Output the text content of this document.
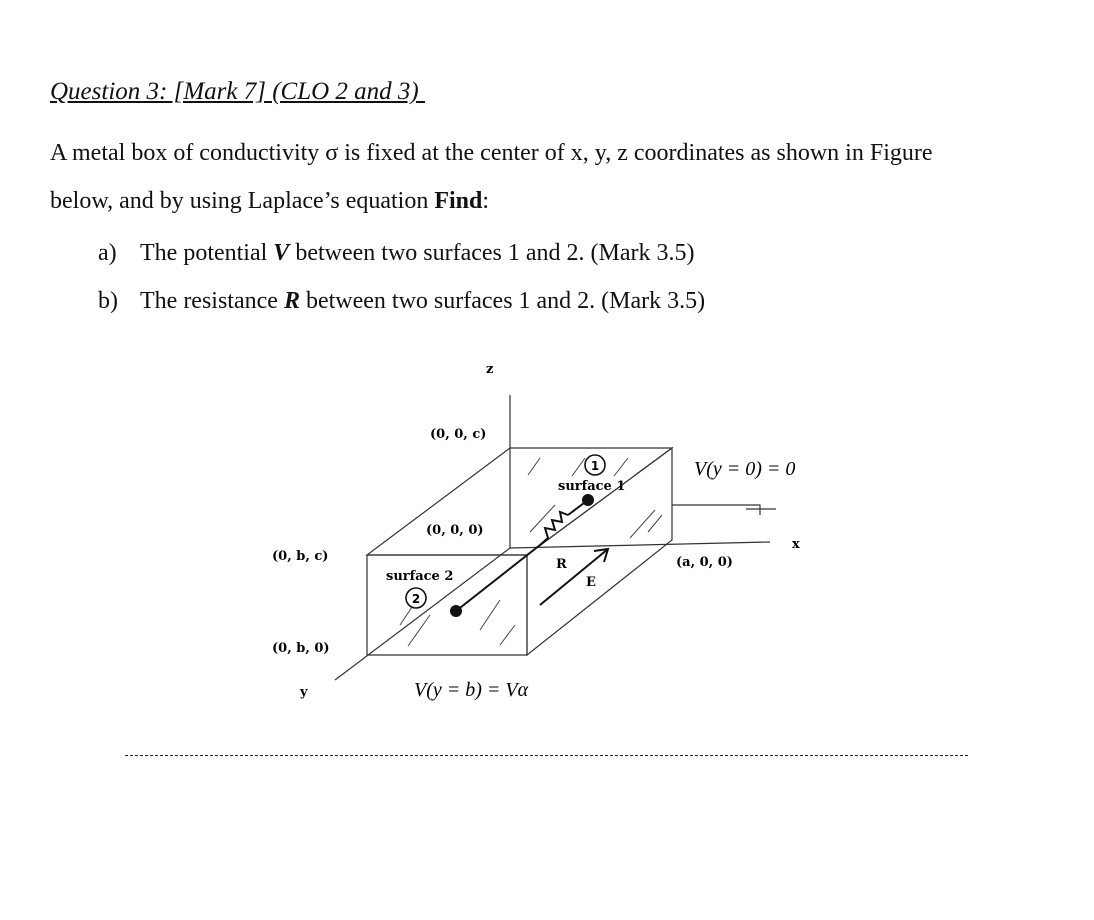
Question 3: [Mark 7] (CLO 2 and 3)
A metal box of conductivity σ is fixed at the center of x, y, z coordinates as shown in Figure
below, and by using Laplace’s equation Find:
a) The potential V between two surfaces 1 and 2. (Mark 3.5)
b) The resistance R between two surfaces 1 and 2. (Mark 3.5)
1
2
z
x
y
(0, 0, c)
(0, 0, 0)
(0, b, c)
(0, b, 0)
(a, 0, 0)
surface 1
surface 2
R
E
V(y = 0) = 0
V(y = b) = Vα
